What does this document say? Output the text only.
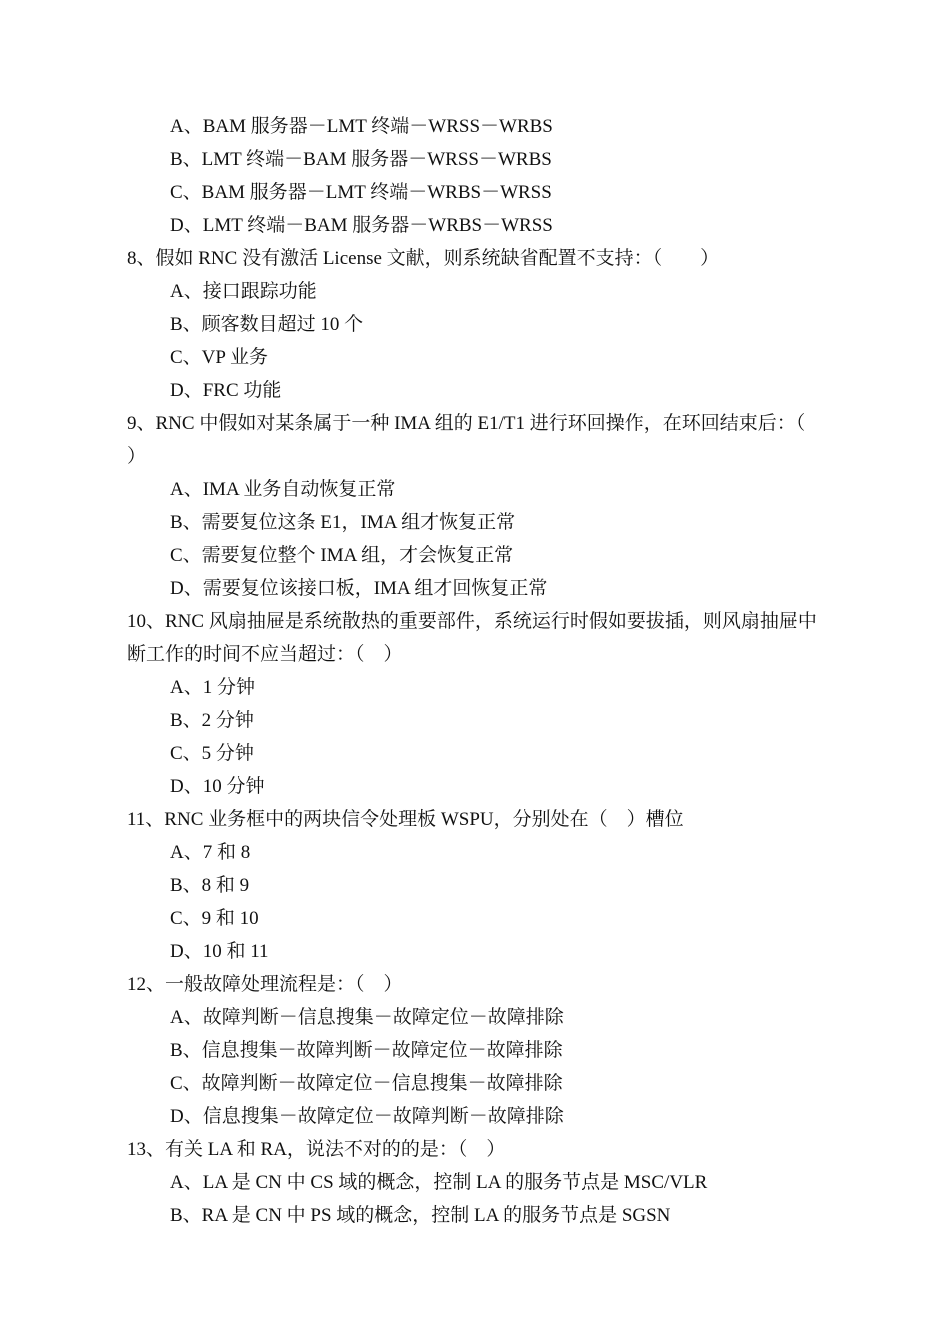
A、BAM 服务器－LMT 终端－WRSS－WRBS
B、LMT 终端－BAM 服务器－WRSS－WRBS
C、BAM 服务器－LMT 终端－WRBS－WRSS
D、LMT 终端－BAM 服务器－WRBS－WRSS
8、假如 RNC 没有激活 License 文献，则系统缺省配置不支持：（　　）
A、接口跟踪功能
B、顾客数目超过 10 个
C、VP 业务
D、FRC 功能
9、RNC 中假如对某条属于一种 IMA 组的 E1/T1 进行环回操作，在环回结束后：（
）
A、IMA 业务自动恢复正常
B、需要复位这条 E1，IMA 组才恢复正常
C、需要复位整个 IMA 组，才会恢复正常
D、需要复位该接口板，IMA 组才回恢复正常
10、RNC 风扇抽屉是系统散热的重要部件，系统运行时假如要拔插，则风扇抽屉中
断工作的时间不应当超过：（　）
A、1 分钟
B、2 分钟
C、5 分钟
D、10 分钟
11、RNC 业务框中的两块信令处理板 WSPU，分别处在（　）槽位
A、7 和 8
B、8 和 9
C、9 和 10
D、10 和 11
12、一般故障处理流程是：（　）
A、故障判断－信息搜集－故障定位－故障排除
B、信息搜集－故障判断－故障定位－故障排除
C、故障判断－故障定位－信息搜集－故障排除
D、信息搜集－故障定位－故障判断－故障排除
13、有关 LA 和 RA，说法不对的的是：（　）
A、LA 是 CN 中 CS 域的概念，控制 LA 的服务节点是 MSC/VLR
B、RA 是 CN 中 PS 域的概念，控制 LA 的服务节点是 SGSN
